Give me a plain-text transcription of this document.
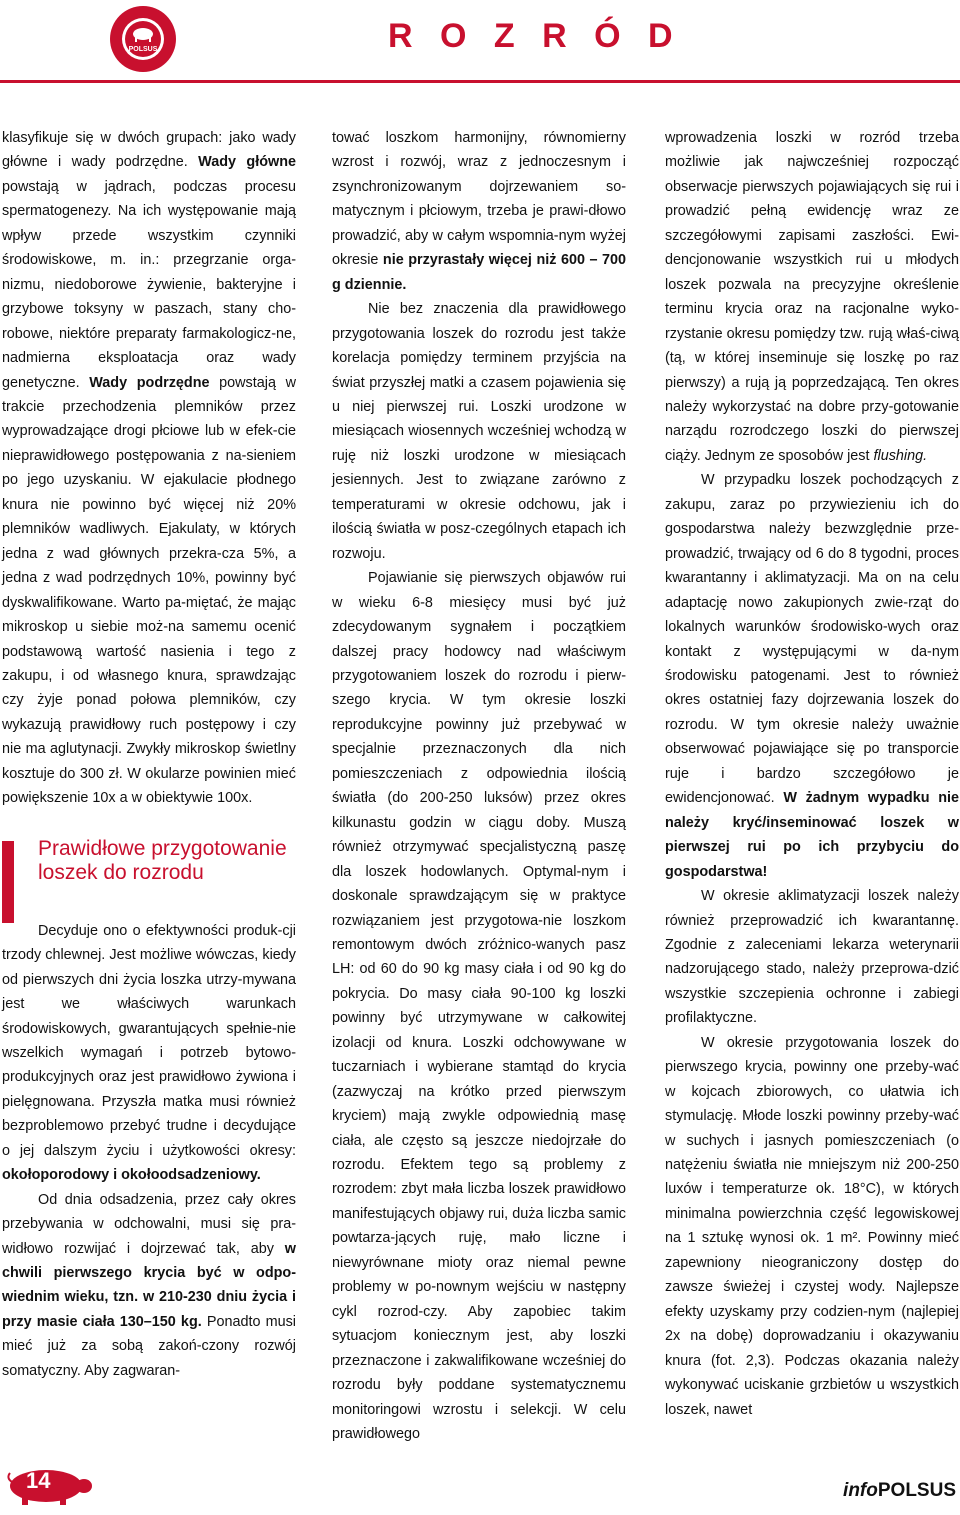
POLSUS	R O Z R Ó D

klasyfikuje się w dwóch grupach: jako wady główne i wady podrzędne. Wady główne powstają w jądrach, podczas procesu spermatogenezy. Na ich występowanie mają wpływ przede wszystkim czynniki środowiskowe, m. in.: przegrzanie orga-nizmu, niedoborowe żywienie, bakteryjne i grzybowe toksyny w paszach, stany cho-robowe, niektóre preparaty farmakologicz-ne, nadmierna eksploatacja oraz wady genetyczne. Wady podrzędne powstają w trakcie przechodzenia plemników przez wyprowadzające drogi płciowe lub w efek-cie nieprawidłowego postępowania z na-sieniem po jego uzyskaniu. W ejakulacie płodnego knura nie powinno być więcej niż 20% plemników wadliwych. Ejakulaty, w których jedna z wad głównych przekra-cza 5%, a jedna z wad podrzędnych 10%, powinny być dyskwalifikowane. Warto pa-miętać, że mając mikroskop u siebie moż-na samemu ocenić podstawową wartość nasienia i tego z zakupu, i od własnego knura, sprawdzając czy żyje ponad połowa plemników, czy wykazują prawidłowy ruch postępowy i czy nie ma aglutynacji. Zwykły mikroskop świetlny kosztuje do 300 zł. W okularze powinien mieć powiększenie 10x a w obiektywie 100x.

Prawidłowe przygotowanie loszek do rozrodu

Decyduje ono o efektywności produk-cji trzody chlewnej. Jest możliwe wówczas, kiedy od pierwszych dni życia loszka utrzy-mywana jest we właściwych warunkach środowiskowych, gwarantujących spełnie-nie wszelkich wymagań i potrzeb bytowo-produkcyjnych oraz jest prawidłowo żywiona i pielęgnowana. Przyszła matka musi również bezproblemowo przebyć trudne i decydujące o jej dalszym życiu i użytkowości okresy: okołoporodowy i okołoodsadzeniowy.

Od dnia odsadzenia, przez cały okres przebywania w odchowalni, musi się pra-widłowo rozwijać i dojrzewać tak, aby w chwili pierwszego krycia być w odpo-wiednim wieku, tzn. w 210-230 dniu życia i przy masie ciała 130–150 kg. Ponadto musi mieć już za sobą zakoń-czony rozwój somatyczny. Aby zagwaran-

tować loszkom harmonijny, równomierny wzrost i rozwój, wraz z jednoczesnym i zsynchronizowanym dojrzewaniem so-matycznym i płciowym, trzeba je prawi-dłowo prowadzić, aby w całym wspomnia-nym wyżej okresie nie przyrastały więcej niż 600 – 700 g dziennie.

Nie bez znaczenia dla prawidłowego przygotowania loszek do rozrodu jest także korelacja pomiędzy terminem przyjścia na świat przyszłej matki a czasem pojawienia się u niej pierwszej rui. Loszki urodzone w miesiącach wiosennych wcześniej wchodzą w ruję niż loszki urodzone w miesiącach jesiennych. Jest to związane zarówno z temperaturami w okresie odchowu, jak i ilością światła w posz-czególnych etapach ich rozwoju.

Pojawianie się pierwszych objawów rui w wieku 6-8 miesięcy musi być już zdecydowanym sygnałem i początkiem dalszej pracy hodowcy nad właściwym przygotowaniem loszek do rozrodu i pierw-szego krycia. W tym okresie loszki reprodukcyjne powinny już przebywać w specjalnie przeznaczonych dla nich pomieszczeniach z odpowiednia ilością światła (do 200-250 luksów) przez okres kilkunastu godzin w ciągu doby. Muszą również otrzymywać specjalistyczną paszę dla loszek hodowlanych. Optymal-nym i doskonale sprawdzającym się w praktyce rozwiązaniem jest przygotowa-nie loszkom remontowym dwóch zróżnico-wanych pasz LH: od 60 do 90 kg masy ciała i od 90 kg do pokrycia. Do masy ciała 90-100 kg loszki powinny być utrzymywane w całkowitej izolacji od knura. Loszki odchowywane w tuczarniach i wybierane stamtąd do krycia (zazwyczaj na krótko przed pierwszym kryciem) mają zwykle odpowiednią masę ciała, ale często są jeszcze niedojrzałe do rozrodu. Efektem tego są problemy z rozrodem: zbyt mała liczba loszek prawidłowo manifestujących objawy rui, duża liczba samic powtarza-jących ruję, mało liczne i niewyrównane mioty oraz niemal pewne problemy w po-nownym wejściu w następny cykl rozrod-czy. Aby zapobiec takim sytuacjom koniecznym jest, aby loszki przeznaczone i zakwalifikowane wcześniej do rozrodu były poddane systematycznemu monitoringowi wzrostu i selekcji. W celu prawidłowego

wprowadzenia loszki w rozród trzeba możliwie jak najwcześniej rozpocząć obserwacje pierwszych pojawiających się rui i prowadzić pełną ewidencję wraz ze szczegółowymi zapisami zaszłości. Ewi-dencjonowanie wszystkich rui u młodych loszek pozwala na precyzyjne określenie terminu krycia oraz na racjonalne wyko-rzystanie okresu pomiędzy tzw. rują właś-ciwą (tą, w której inseminuje się loszkę po raz pierwszy) a rują ją poprzedzającą. Ten okres należy wykorzystać na dobre przy-gotowanie narządu rozrodczego loszki do pierwszej ciąży. Jednym ze sposobów jest flushing.

W przypadku loszek pochodzących z zakupu, zaraz po przywiezieniu ich do gospodarstwa należy bezwzględnie prze-prowadzić, trwający od 6 do 8 tygodni, proces kwarantanny i aklimatyzacji. Ma on na celu adaptację nowo zakupionych zwie-rząt do lokalnych warunków środowisko-wych oraz kontakt z występującymi w da-nym środowisku patogenami. Jest to również okres ostatniej fazy dojrzewania loszek do rozrodu. W tym okresie należy uważnie obserwować pojawiające się po transporcie ruje i bardzo szczegółowo je ewidencjonować. W żadnym wypadku nie należy kryć/inseminować loszek w pierwszej rui po ich przybyciu do gospodarstwa!

W okresie aklimatyzacji loszek należy również przeprowadzić ich kwarantannę. Zgodnie z zaleceniami lekarza weterynarii nadzorującego stado, należy przeprowa-dzić wszystkie szczepienia ochronne i zabiegi profilaktyczne.

W okresie przygotowania loszek do pierwszego krycia, powinny one przeby-wać w kojcach zbiorowych, co ułatwia ich stymulację. Młode loszki powinny przeby-wać w suchych i jasnych pomieszczeniach (o natężeniu światła nie mniejszym niż 200-250 luxów i temperaturze ok. 18°C), w których minimalna powierzchnia część legowiskowej na 1 sztukę wynosi ok. 1 m². Powinny mieć zapewniony nieograniczony dostęp do zawsze świeżej i czystej wody. Najlepsze efekty uzyskamy przy codzien-nym (najlepiej 2x na dobę) doprowadzaniu i okazywaniu knura (fot. 2,3). Podczas okazania należy wykonywać uciskanie grzbietów u wszystkich loszek, nawet

14	infoPOLSUS
